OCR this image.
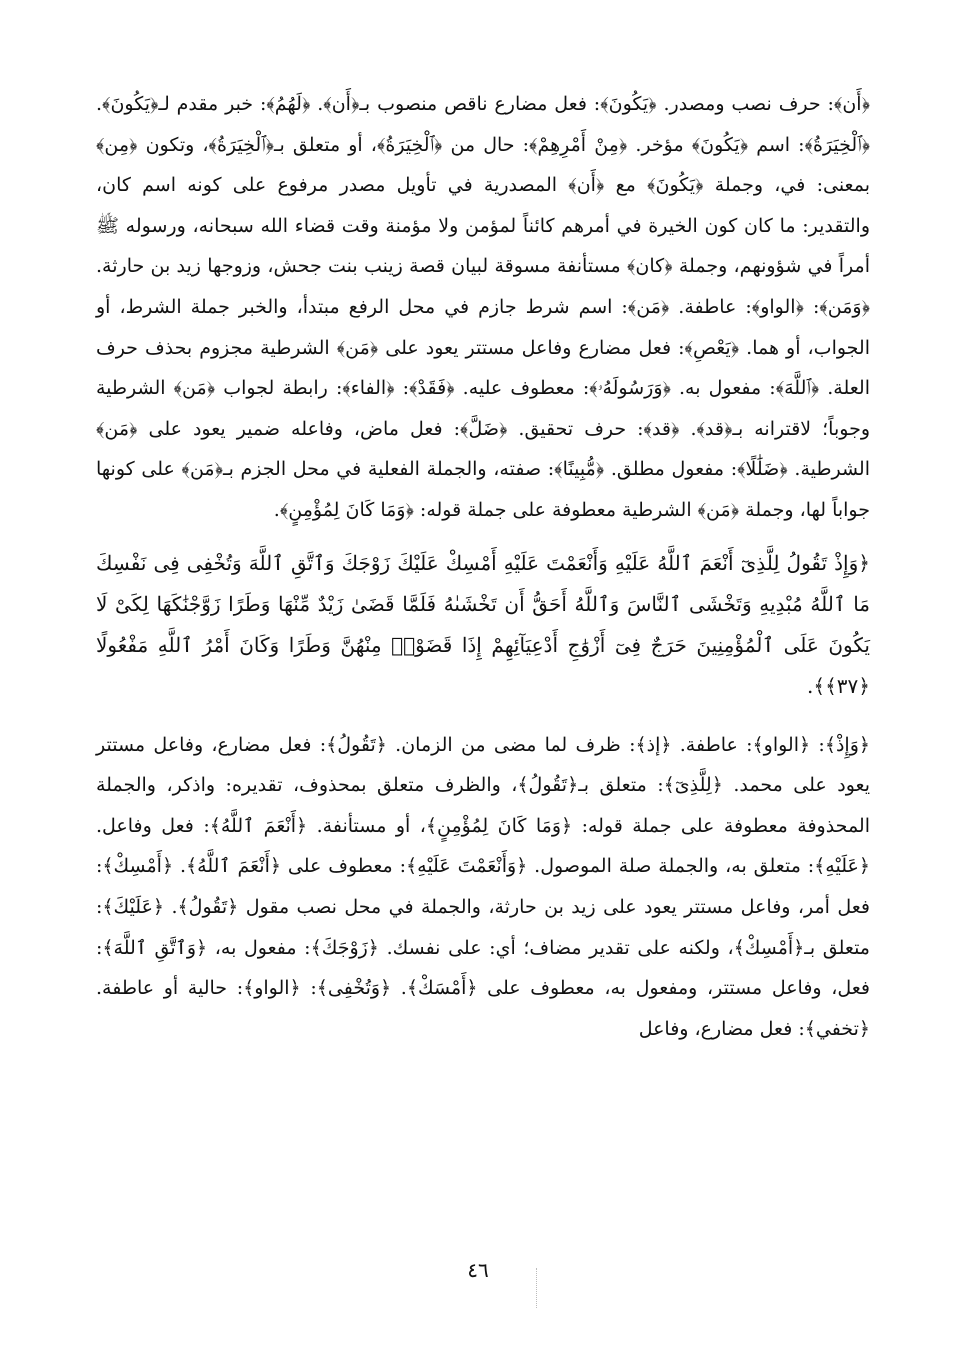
﴿أَن﴾: حرف نصب ومصدر. ﴿يَكُونَ﴾: فعل مضارع ناقص منصوب بـ﴿أَن﴾. ﴿لَهُمُ﴾: خبر مقدم لـ﴿يَكُونَ﴾. ﴿ٱلْخِيَرَةُ﴾: اسم ﴿يَكُونَ﴾ مؤخر. ﴿مِنْ أَمْرِهِمْ﴾: حال من ﴿ٱلْخِيَرَةُ﴾، أو متعلق بـ﴿ٱلْخِيَرَةُ﴾، وتكون ﴿مِن﴾ بمعنى: في، وجملة ﴿يَكُونَ﴾ مع ﴿أَن﴾ المصدرية في تأويل مصدر مرفوع على كونه اسم كان، والتقدير: ما كان كون الخيرة في أمرهم كائناً لمؤمن ولا مؤمنة وقت قضاء الله سبحانه، ورسوله ﷺ أمراً في شؤونهم، وجملة ﴿كان﴾ مستأنفة مسوقة لبيان قصة زينب بنت جحش، وزوجها زيد بن حارثة. ﴿وَمَن﴾: ﴿الواو﴾: عاطفة. ﴿مَن﴾: اسم شرط جازم في محل الرفع مبتدأ، والخبر جملة الشرط، أو الجواب، أو هما. ﴿يَعْصِ﴾: فعل مضارع وفاعل مستتر يعود على ﴿مَن﴾ الشرطية مجزوم بحذف حرف العلة. ﴿ٱللَّهَ﴾: مفعول به. ﴿وَرَسُولَهُۥ﴾: معطوف عليه. ﴿فَقَدْ﴾: ﴿الفاء﴾: رابطة لجواب ﴿مَن﴾ الشرطية وجوباً؛ لاقترانه بـ﴿قد﴾. ﴿قد﴾: حرف تحقيق. ﴿ضَلَّ﴾: فعل ماض، وفاعله ضمير يعود على ﴿مَن﴾ الشرطية. ﴿ضَلَٰلًا﴾: مفعول مطلق. ﴿مُّبِينًا﴾: صفته، والجملة الفعلية في محل الجزم بـ﴿مَن﴾ على كونها جواباً لها، وجملة ﴿مَن﴾ الشرطية معطوفة على جملة قوله: ﴿وَمَا كَانَ لِمُؤْمِنٍ﴾.

﴿وَإِذْ تَقُولُ لِلَّذِىٓ أَنْعَمَ ٱللَّهُ عَلَيْهِ وَأَنْعَمْتَ عَلَيْهِ أَمْسِكْ عَلَيْكَ زَوْجَكَ وَٱتَّقِ ٱللَّهَ وَتُخْفِى فِى نَفْسِكَ مَا ٱللَّهُ مُبْدِيهِ وَتَخْشَى ٱلنَّاسَ وَٱللَّهُ أَحَقُّ أَن تَخْشَىٰهُ فَلَمَّا قَضَىٰ زَيْدٌ مِّنْهَا وَطَرًا زَوَّجْنَٰكَهَا لِكَىْ لَا يَكُونَ عَلَى ٱلْمُؤْمِنِينَ حَرَجٌ فِىٓ أَزْوَٰجِ أَدْعِيَآئِهِمْ إِذَا قَضَوْا۟ مِنْهُنَّ وَطَرًا وَكَانَ أَمْرُ ٱللَّهِ مَفْعُولًا ﴿٣٧﴾﴾.

﴿وَإِذْ﴾: ﴿الواو﴾: عاطفة. ﴿إذ﴾: ظرف لما مضى من الزمان. ﴿تَقُولُ﴾: فعل مضارع، وفاعل مستتر يعود على محمد. ﴿لِلَّذِىٓ﴾: متعلق بـ﴿تَقُولُ﴾، والظرف متعلق بمحذوف، تقديره: واذكر، والجملة المحذوفة معطوفة على جملة قوله: ﴿وَمَا كَانَ لِمُؤْمِنٍ﴾، أو مستأنفة. ﴿أَنْعَمَ ٱللَّهُ﴾: فعل وفاعل. ﴿عَلَيْهِ﴾: متعلق به، والجملة صلة الموصول. ﴿وَأَنْعَمْتَ عَلَيْهِ﴾: معطوف على ﴿أَنْعَمَ ٱللَّهُ﴾. ﴿أَمْسِكْ﴾: فعل أمر، وفاعل مستتر يعود على زيد بن حارثة، والجملة في محل نصب مقول ﴿تَقُولُ﴾. ﴿عَلَيْكَ﴾: متعلق بـ﴿أَمْسِكْ﴾، ولكنه على تقدير مضاف؛ أي: على نفسك. ﴿زَوْجَكَ﴾: مفعول به، ﴿وَٱتَّقِ ٱللَّهَ﴾: فعل، وفاعل مستتر، ومفعول به، معطوف على ﴿أَمْسَكْ﴾. ﴿وَتُخْفِى﴾: ﴿الواو﴾: حالية أو عاطفة. ﴿تخفي﴾: فعل مضارع، وفاعل

٤٦
